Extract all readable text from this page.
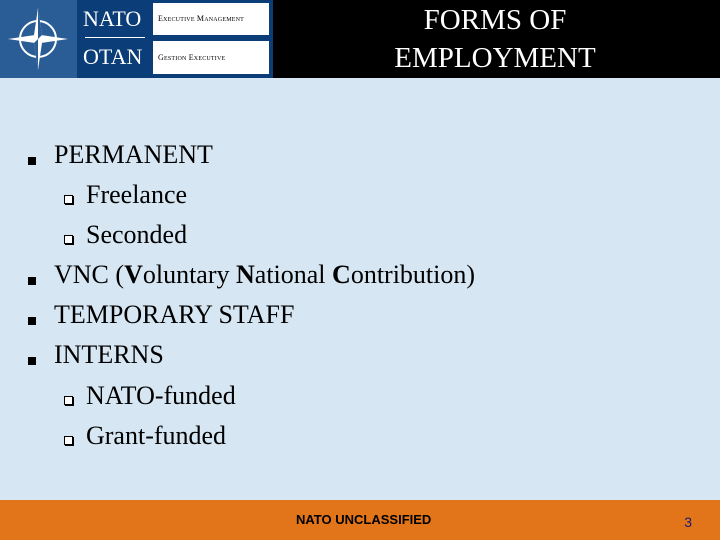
NATO
OTAN
Executive Management
Gestion Executive
FORMS OF
EMPLOYMENT
PERMANENT
Freelance
Seconded
VNC (Voluntary National Contribution)
TEMPORARY STAFF
INTERNS
NATO-funded
Grant-funded
NATO UNCLASSIFIED	3
